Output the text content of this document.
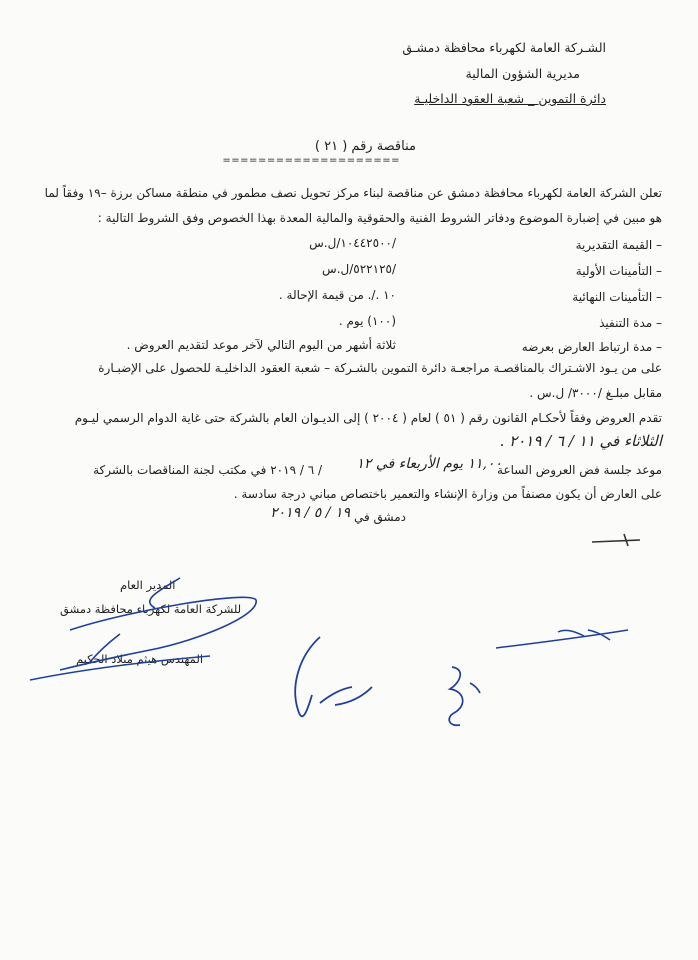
الشـركة العامة لكهرباء محافظة دمشـق
مديرية الشؤون المالية
دائرة التموين _ شعبة العقود الداخليـة
مناقصة رقم ( ٢١ )
====================
تعلن الشركة العامة لكهرباء محافظة دمشق عن مناقصة لبناء مركز تحويل نصف مطمور في منطقة مساكن برزة –١٩ وفقاً لما
هو مبين في إضبارة الموضوع ودفاتر الشروط الفنية والحقوقية والمالية المعدة بهذا الخصوص وفق الشروط التالية :
– القيمة التقديرية
/١٠٤٤٢٥٠٠/ل.س
– التأمينات الأولية
/٥٢٢١٢٥/ل.س
– التأمينات النهائية
١٠ ./. من قيمة الإحالة .
– مدة التنفيذ
(١٠٠) يوم .
– مدة ارتباط العارض بعرضه
ثلاثة أشهر من اليوم التالي لآخر موعد لتقديم العروض .
على من يـود الاشـتراك بالمناقصـة مراجعـة دائرة التموين بالشـركة – شعبة العقود الداخليـة للحصول على الإضبـارة
مقابل مبلـغ /٣٠٠٠/ ل.س .
تقدم العروض وفقاً لأحكـام القانون رقم ( ٥١ ) لعام ( ٢٠٠٤ ) إلى الديـوان العام بالشركة حتى غاية الدوام الرسمي ليـوم
الثلاثاء في ١١ / ٦ / ٢٠١٩ .
موعد جلسة فض العروض الساعة
١١,٠٠ يوم الأربعاء في ١٢
/ ٦ / ٢٠١٩ في مكتب لجنة المناقصات بالشركة
على العارض أن يكون مصنفاً من وزارة الإنشاء والتعمير باختصاص مباني درجة سادسة .
دمشق في
١٩ / ٥ / ٢٠١٩
المدير العام
للشركة العامة لكهرباء محافظة دمشق
المهندس هيثم ميلاد الحكيم
